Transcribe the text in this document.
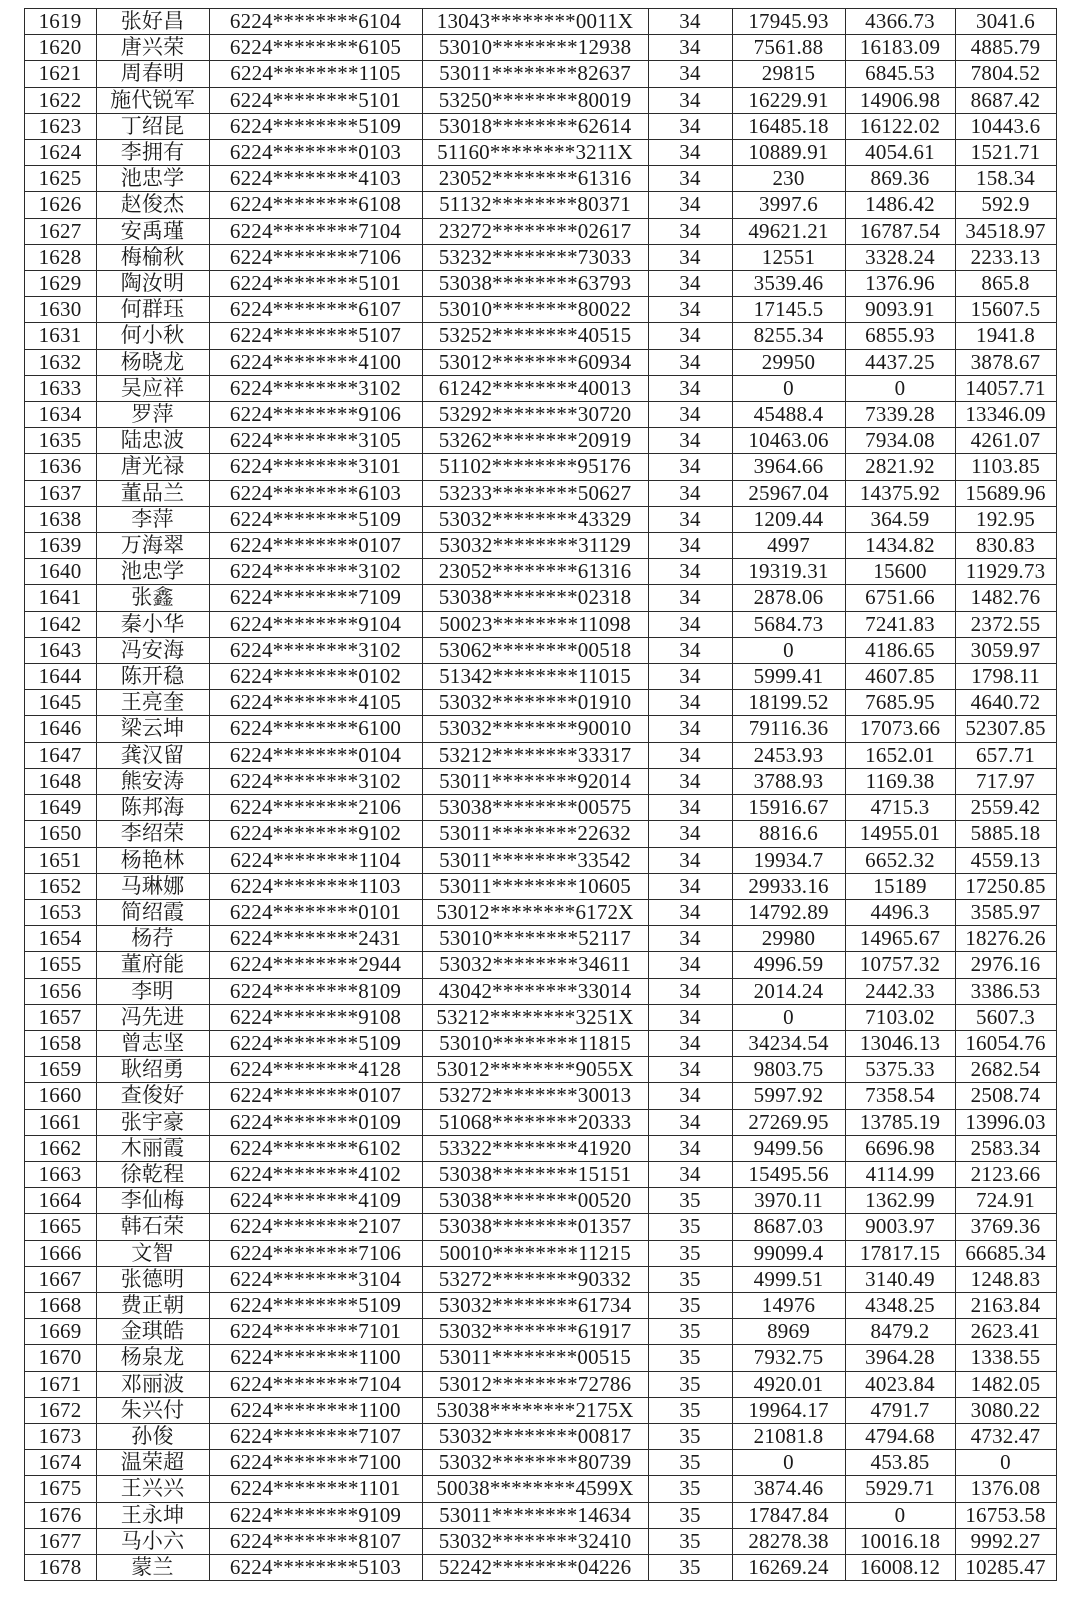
1619	张好昌	6224********6104	13043********0011X	34	17945.93	4366.73	3041.6
1620	唐兴荣	6224********6105	53010********12938	34	7561.88	16183.09	4885.79
1621	周春明	6224********1105	53011********82637	34	29815	6845.53	7804.52
1622	施代锐军	6224********5101	53250********80019	34	16229.91	14906.98	8687.42
1623	丁绍昆	6224********5109	53018********62614	34	16485.18	16122.02	10443.6
1624	李拥有	6224********0103	51160********3211X	34	10889.91	4054.61	1521.71
1625	池忠学	6224********4103	23052********61316	34	230	869.36	158.34
1626	赵俊杰	6224********6108	51132********80371	34	3997.6	1486.42	592.9
1627	安禹瑾	6224********7104	23272********02617	34	49621.21	16787.54	34518.97
1628	梅榆秋	6224********7106	53232********73033	34	12551	3328.24	2233.13
1629	陶汝明	6224********5101	53038********63793	34	3539.46	1376.96	865.8
1630	何群珏	6224********6107	53010********80022	34	17145.5	9093.91	15607.5
1631	何小秋	6224********5107	53252********40515	34	8255.34	6855.93	1941.8
1632	杨晓龙	6224********4100	53012********60934	34	29950	4437.25	3878.67
1633	吴应祥	6224********3102	61242********40013	34	0	0	14057.71
1634	罗萍	6224********9106	53292********30720	34	45488.4	7339.28	13346.09
1635	陆忠波	6224********3105	53262********20919	34	10463.06	7934.08	4261.07
1636	唐光禄	6224********3101	51102********95176	34	3964.66	2821.92	1103.85
1637	董品兰	6224********6103	53233********50627	34	25967.04	14375.92	15689.96
1638	李萍	6224********5109	53032********43329	34	1209.44	364.59	192.95
1639	万海翠	6224********0107	53032********31129	34	4997	1434.82	830.83
1640	池忠学	6224********3102	23052********61316	34	19319.31	15600	11929.73
1641	张鑫	6224********7109	53038********02318	34	2878.06	6751.66	1482.76
1642	秦小华	6224********9104	50023********11098	34	5684.73	7241.83	2372.55
1643	冯安海	6224********3102	53062********00518	34	0	4186.65	3059.97
1644	陈开稳	6224********0102	51342********11015	34	5999.41	4607.85	1798.11
1645	王亮奎	6224********4105	53032********01910	34	18199.52	7685.95	4640.72
1646	梁云坤	6224********6100	53032********90010	34	79116.36	17073.66	52307.85
1647	龚汉留	6224********0104	53212********33317	34	2453.93	1652.01	657.71
1648	熊安涛	6224********3102	53011********92014	34	3788.93	1169.38	717.97
1649	陈邦海	6224********2106	53038********00575	34	15916.67	4715.3	2559.42
1650	李绍荣	6224********9102	53011********22632	34	8816.6	14955.01	5885.18
1651	杨艳林	6224********1104	53011********33542	34	19934.7	6652.32	4559.13
1652	马琳娜	6224********1103	53011********10605	34	29933.16	15189	17250.85
1653	简绍霞	6224********0101	53012********6172X	34	14792.89	4496.3	3585.97
1654	杨荇	6224********2431	53010********52117	34	29980	14965.67	18276.26
1655	董府能	6224********2944	53032********34611	34	4996.59	10757.32	2976.16
1656	李明	6224********8109	43042********33014	34	2014.24	2442.33	3386.53
1657	冯先进	6224********9108	53212********3251X	34	0	7103.02	5607.3
1658	曾志坚	6224********5109	53010********11815	34	34234.54	13046.13	16054.76
1659	耿绍勇	6224********4128	53012********9055X	34	9803.75	5375.33	2682.54
1660	查俊好	6224********0107	53272********30013	34	5997.92	7358.54	2508.74
1661	张宇豪	6224********0109	51068********20333	34	27269.95	13785.19	13996.03
1662	木丽霞	6224********6102	53322********41920	34	9499.56	6696.98	2583.34
1663	徐乾程	6224********4102	53038********15151	34	15495.56	4114.99	2123.66
1664	李仙梅	6224********4109	53038********00520	35	3970.11	1362.99	724.91
1665	韩石荣	6224********2107	53038********01357	35	8687.03	9003.97	3769.36
1666	文智	6224********7106	50010********11215	35	99099.4	17817.15	66685.34
1667	张德明	6224********3104	53272********90332	35	4999.51	3140.49	1248.83
1668	费正朝	6224********5109	53032********61734	35	14976	4348.25	2163.84
1669	金琪皓	6224********7101	53032********61917	35	8969	8479.2	2623.41
1670	杨泉龙	6224********1100	53011********00515	35	7932.75	3964.28	1338.55
1671	邓丽波	6224********7104	53012********72786	35	4920.01	4023.84	1482.05
1672	朱兴付	6224********1100	53038********2175X	35	19964.17	4791.7	3080.22
1673	孙俊	6224********7107	53032********00817	35	21081.8	4794.68	4732.47
1674	温荣超	6224********7100	53032********80739	35	0	453.85	0
1675	王兴兴	6224********1101	50038********4599X	35	3874.46	5929.71	1376.08
1676	王永坤	6224********9109	53011********14634	35	17847.84	0	16753.58
1677	马小六	6224********8107	53032********32410	35	28278.38	10016.18	9992.27
1678	蒙兰	6224********5103	52242********04226	35	16269.24	16008.12	10285.47
